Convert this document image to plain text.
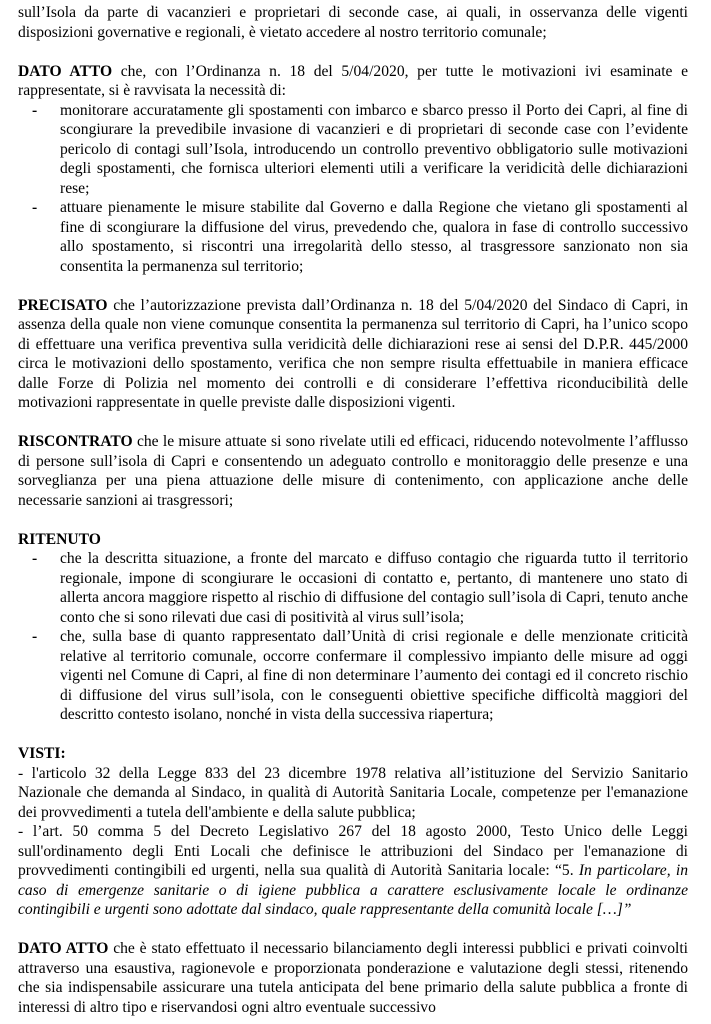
sull’Isola da parte di vacanzieri e proprietari di seconde case, ai quali, in osservanza delle vigenti disposizioni governative e regionali, è vietato accedere al nostro territorio comunale;

DATO ATTO che, con l’Ordinanza n. 18 del 5/04/2020, per tutte le motivazioni ivi esaminate e rappresentate, si è ravvisata la necessità di:

- monitorare accuratamente gli spostamenti con imbarco e sbarco presso il Porto dei Capri, al fine di scongiurare la prevedibile invasione di vacanzieri e di proprietari di seconde case con l’evidente pericolo di contagi sull’Isola, introducendo un controllo preventivo obbligatorio sulle motivazioni degli spostamenti, che fornisca ulteriori elementi utili a verificare la veridicità delle dichiarazioni rese;
- attuare pienamente le misure stabilite dal Governo e dalla Regione che vietano gli spostamenti al fine di scongiurare la diffusione del virus, prevedendo che, qualora in fase di controllo successivo allo spostamento, si riscontri una irregolarità dello stesso, al trasgressore sanzionato non sia consentita la permanenza sul territorio;

PRECISATO che l’autorizzazione prevista dall’Ordinanza n. 18 del 5/04/2020 del Sindaco di Capri, in assenza della quale non viene comunque consentita la permanenza sul territorio di Capri, ha l’unico scopo di effettuare una verifica preventiva sulla veridicità delle dichiarazioni rese ai sensi del D.P.R. 445/2000 circa le motivazioni dello spostamento, verifica che non sempre risulta effettuabile in maniera efficace dalle Forze di Polizia nel momento dei controlli e di considerare l’effettiva riconducibilità delle motivazioni rappresentate in quelle previste dalle disposizioni vigenti.

RISCONTRATO che le misure attuate si sono rivelate utili ed efficaci, riducendo notevolmente l’afflusso di persone sull’isola di Capri e consentendo un adeguato controllo e monitoraggio delle presenze e una sorveglianza per una piena attuazione delle misure di contenimento, con applicazione anche delle necessarie sanzioni ai trasgressori;

RITENUTO

- che la descritta situazione, a fronte del marcato e diffuso contagio che riguarda tutto il territorio regionale, impone di scongiurare le occasioni di contatto e, pertanto, di mantenere uno stato di allerta ancora maggiore rispetto al rischio di diffusione del contagio sull’isola di Capri, tenuto anche conto che si sono rilevati due casi di positività al virus sull’isola;
- che, sulla base di quanto rappresentato dall’Unità di crisi regionale e delle menzionate criticità relative al territorio comunale, occorre confermare il complessivo impianto delle misure ad oggi vigenti nel Comune di Capri, al fine di non determinare l’aumento dei contagi ed il concreto rischio di diffusione del virus sull’isola, con le conseguenti obiettive specifiche difficoltà maggiori del descritto contesto isolano, nonché in vista della successiva riapertura;

VISTI:

- l'articolo 32 della Legge 833 del 23 dicembre 1978 relativa all’istituzione del Servizio Sanitario Nazionale che demanda al Sindaco, in qualità di Autorità Sanitaria Locale, competenze per l'emanazione dei provvedimenti a tutela dell'ambiente e della salute pubblica;

- l’art. 50 comma 5 del Decreto Legislativo 267 del 18 agosto 2000, Testo Unico delle Leggi sull'ordinamento degli Enti Locali che definisce le attribuzioni del Sindaco per l'emanazione di provvedimenti contingibili ed urgenti, nella sua qualità di Autorità Sanitaria locale: “5. In particolare, in caso di emergenze sanitarie o di igiene pubblica a carattere esclusivamente locale le ordinanze contingibili e urgenti sono adottate dal sindaco, quale rappresentante della comunità locale […]”

DATO ATTO che è stato effettuato il necessario bilanciamento degli interessi pubblici e privati coinvolti attraverso una esaustiva, ragionevole e proporzionata ponderazione e valutazione degli stessi, ritenendo che sia indispensabile assicurare una tutela anticipata del bene primario della salute pubblica a fronte di interessi di altro tipo e riservandosi ogni altro eventuale successivo
